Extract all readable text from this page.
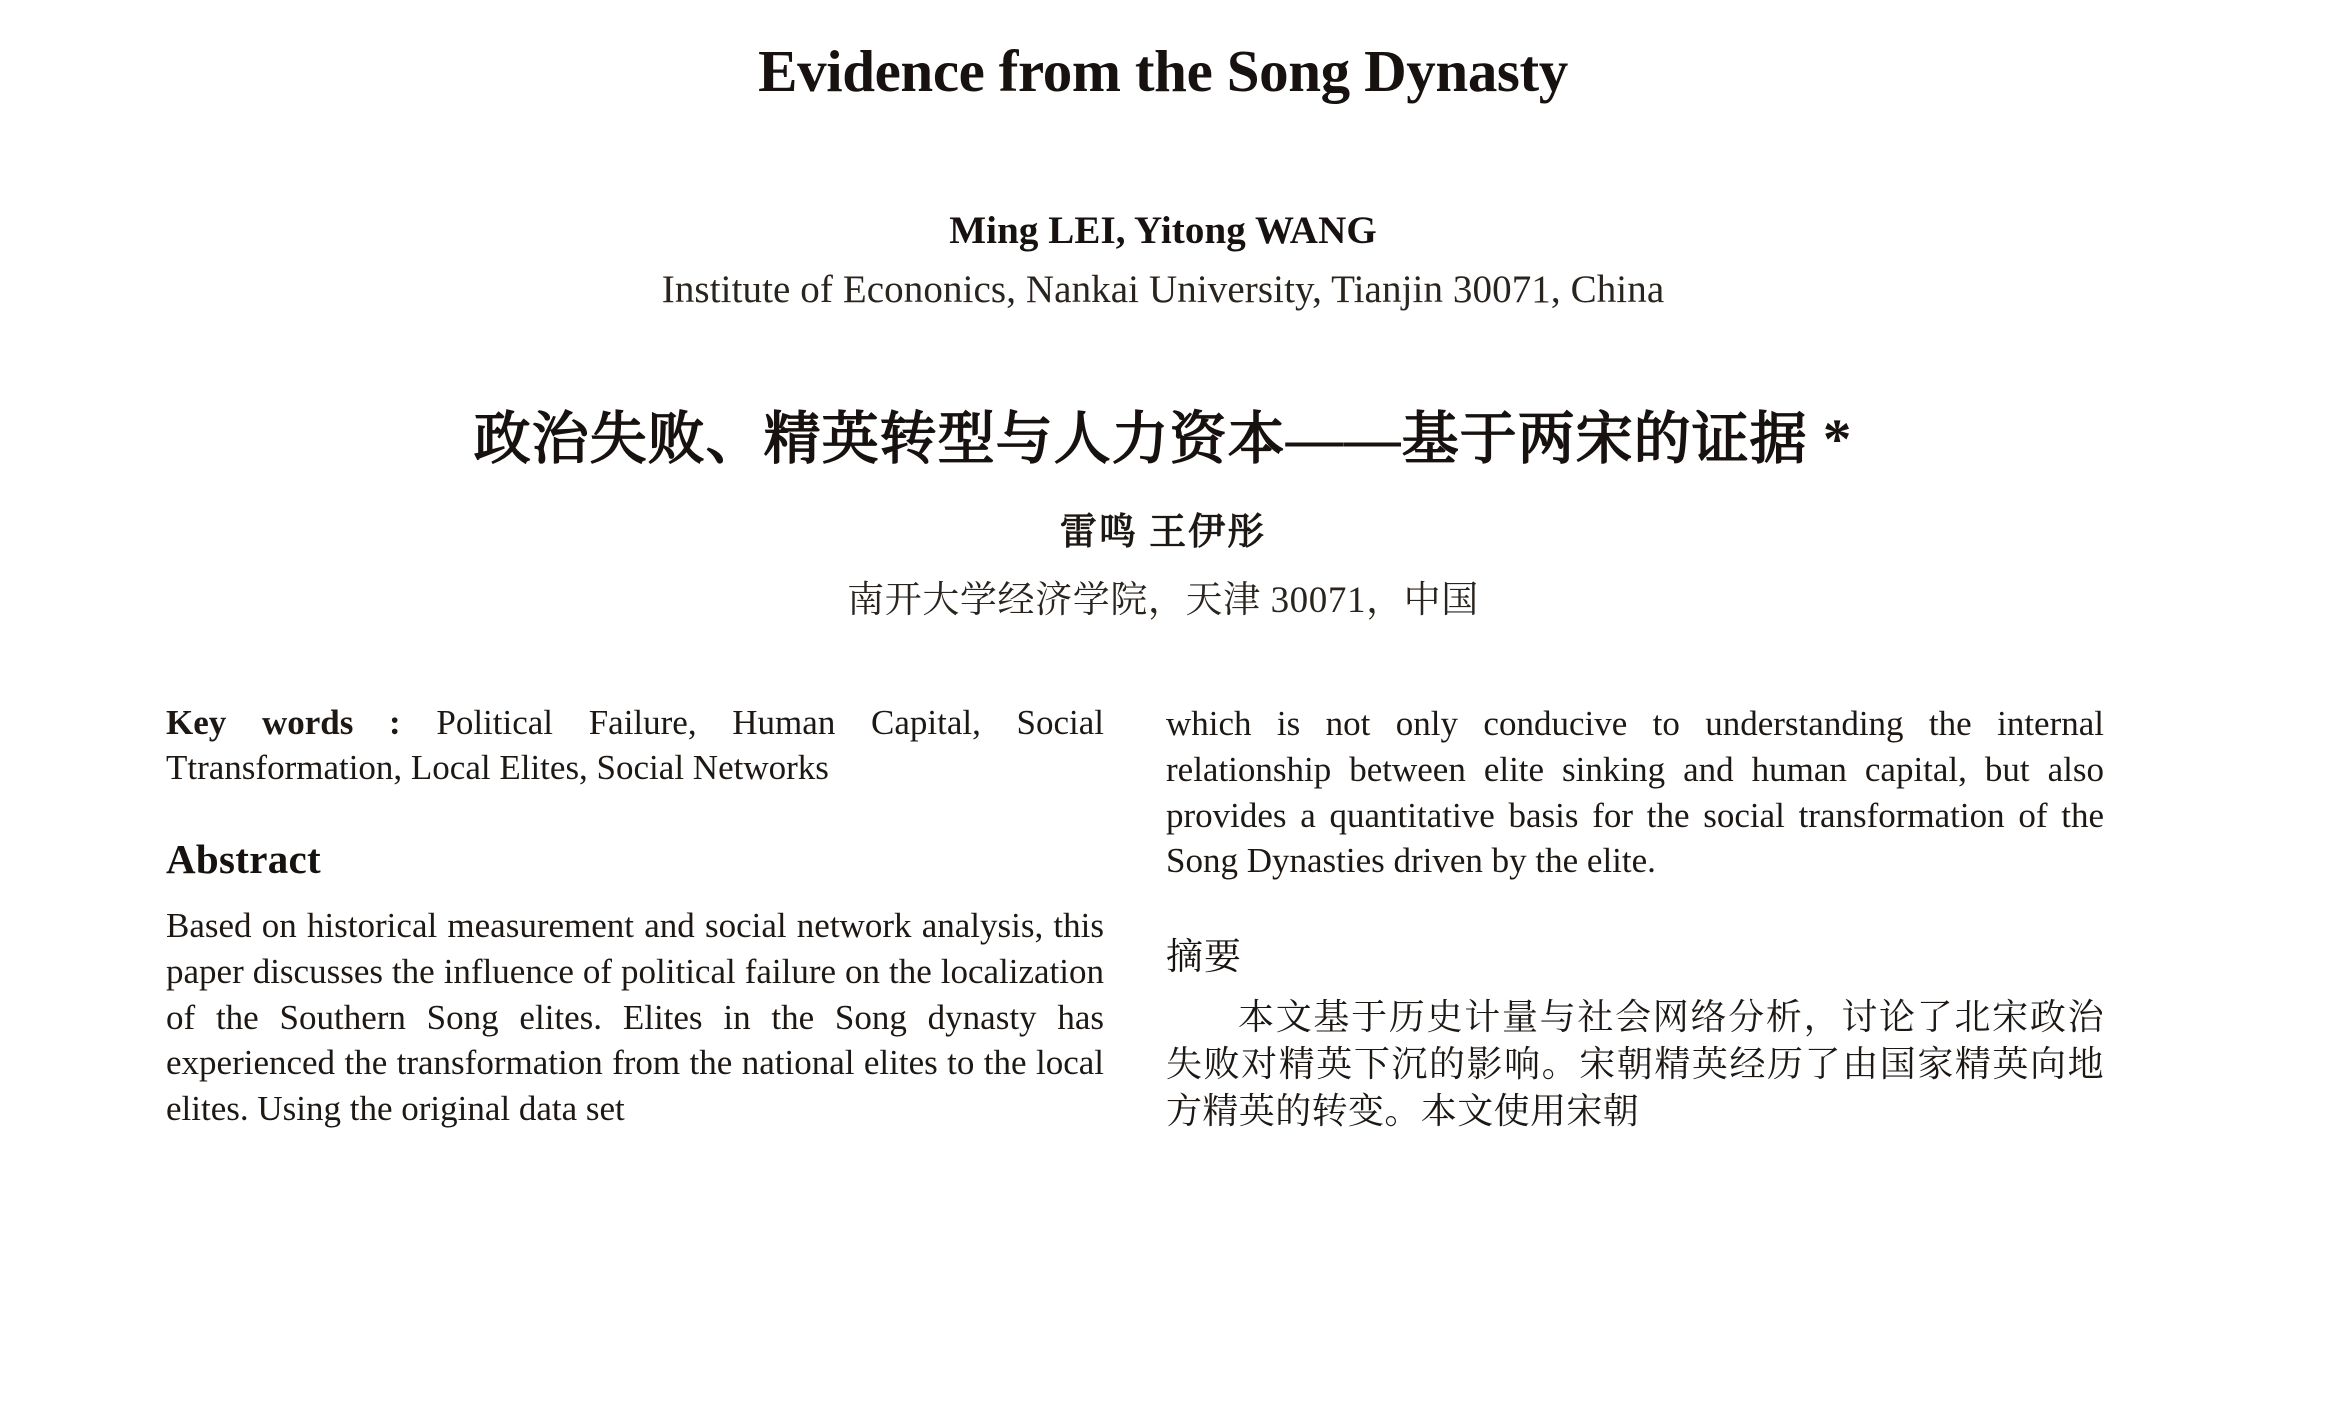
Evidence from the Song Dynasty
Ming LEI, Yitong WANG
Institute of Econonics, Nankai University, Tianjin 30071, China
政治失败、精英转型与人力资本——基于两宋的证据 *
雷鸣 王伊彤
南开大学经济学院，天津 30071，中国

Key words : Political Failure, Human Capital, Social Ttransformation, Local Elites, Social Networks

Abstract

Based on historical measurement and social network analysis, this paper discusses the influence of political failure on the localization of the Southern Song elites. Elites in the Song dynasty has experienced the transformation from the national elites to the local elites. Using the original data set

which is not only conducive to understanding the internal relationship between elite sinking and human capital, but also provides a quantitative basis for the social transformation of the Song Dynasties driven by the elite.

摘要

本文基于历史计量与社会网络分析，讨论了北宋政治失败对精英下沉的影响。宋朝精英经历了由国家精英向地方精英的转变。本文使用宋朝
